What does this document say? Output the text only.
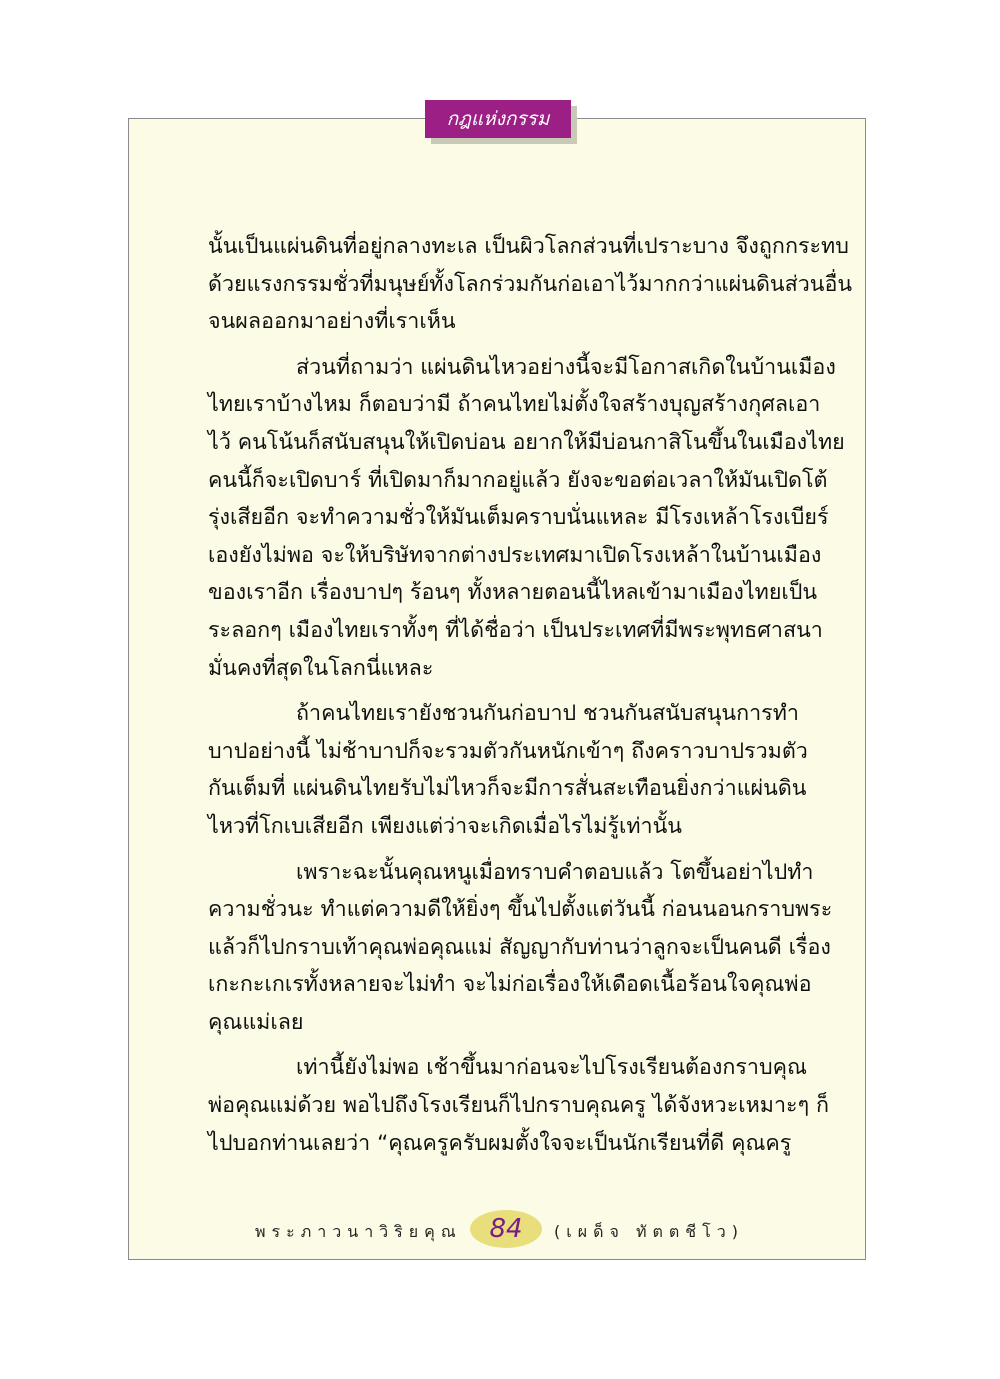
กฎแห่งกรรม
นั้นเป็นแผ่นดินที่อยู่กลางทะเล เป็นผิวโลกส่วนที่เปราะบาง จึงถูกกระทบ
ด้วยแรงกรรมชั่วที่มนุษย์ทั้งโลกร่วมกันก่อเอาไว้มากกว่าแผ่นดินส่วนอื่น
จนผลออกมาอย่างที่เราเห็น
ส่วนที่ถามว่า แผ่นดินไหวอย่างนี้จะมีโอกาสเกิดในบ้านเมือง
ไทยเราบ้างไหม ก็ตอบว่ามี ถ้าคนไทยไม่ตั้งใจสร้างบุญสร้างกุศลเอา
ไว้ คนโน้นก็สนับสนุนให้เปิดบ่อน อยากให้มีบ่อนกาสิโนขึ้นในเมืองไทย
คนนี้ก็จะเปิดบาร์ ที่เปิดมาก็มากอยู่แล้ว ยังจะขอต่อเวลาให้มันเปิดโต้
รุ่งเสียอีก จะทำความชั่วให้มันเต็มคราบนั่นแหละ มีโรงเหล้าโรงเบียร์
เองยังไม่พอ จะให้บริษัทจากต่างประเทศมาเปิดโรงเหล้าในบ้านเมือง
ของเราอีก เรื่องบาปๆ ร้อนๆ ทั้งหลายตอนนี้ไหลเข้ามาเมืองไทยเป็น
ระลอกๆ เมืองไทยเราทั้งๆ ที่ได้ชื่อว่า เป็นประเทศที่มีพระพุทธศาสนา
มั่นคงที่สุดในโลกนี่แหละ
ถ้าคนไทยเรายังชวนกันก่อบาป ชวนกันสนับสนุนการทำ
บาปอย่างนี้ ไม่ช้าบาปก็จะรวมตัวกันหนักเข้าๆ ถึงคราวบาปรวมตัว
กันเต็มที่ แผ่นดินไทยรับไม่ไหวก็จะมีการสั่นสะเทือนยิ่งกว่าแผ่นดิน
ไหวที่โกเบเสียอีก เพียงแต่ว่าจะเกิดเมื่อไรไม่รู้เท่านั้น
เพราะฉะนั้นคุณหนูเมื่อทราบคำตอบแล้ว โตขึ้นอย่าไปทำ
ความชั่วนะ ทำแต่ความดีให้ยิ่งๆ ขึ้นไปตั้งแต่วันนี้ ก่อนนอนกราบพระ
แล้วก็ไปกราบเท้าคุณพ่อคุณแม่ สัญญากับท่านว่าลูกจะเป็นคนดี เรื่อง
เกะกะเกเรทั้งหลายจะไม่ทำ จะไม่ก่อเรื่องให้เดือดเนื้อร้อนใจคุณพ่อ
คุณแม่เลย
เท่านี้ยังไม่พอ เช้าขึ้นมาก่อนจะไปโรงเรียนต้องกราบคุณ
พ่อคุณแม่ด้วย พอไปถึงโรงเรียนก็ไปกราบคุณครู ได้จังหวะเหมาะๆ ก็
ไปบอกท่านเลยว่า “คุณครูครับผมตั้งใจจะเป็นนักเรียนที่ดี คุณครู
พระภาวนาวิริยคุณ 84 (เผด็จ ทัตตชีโว)
